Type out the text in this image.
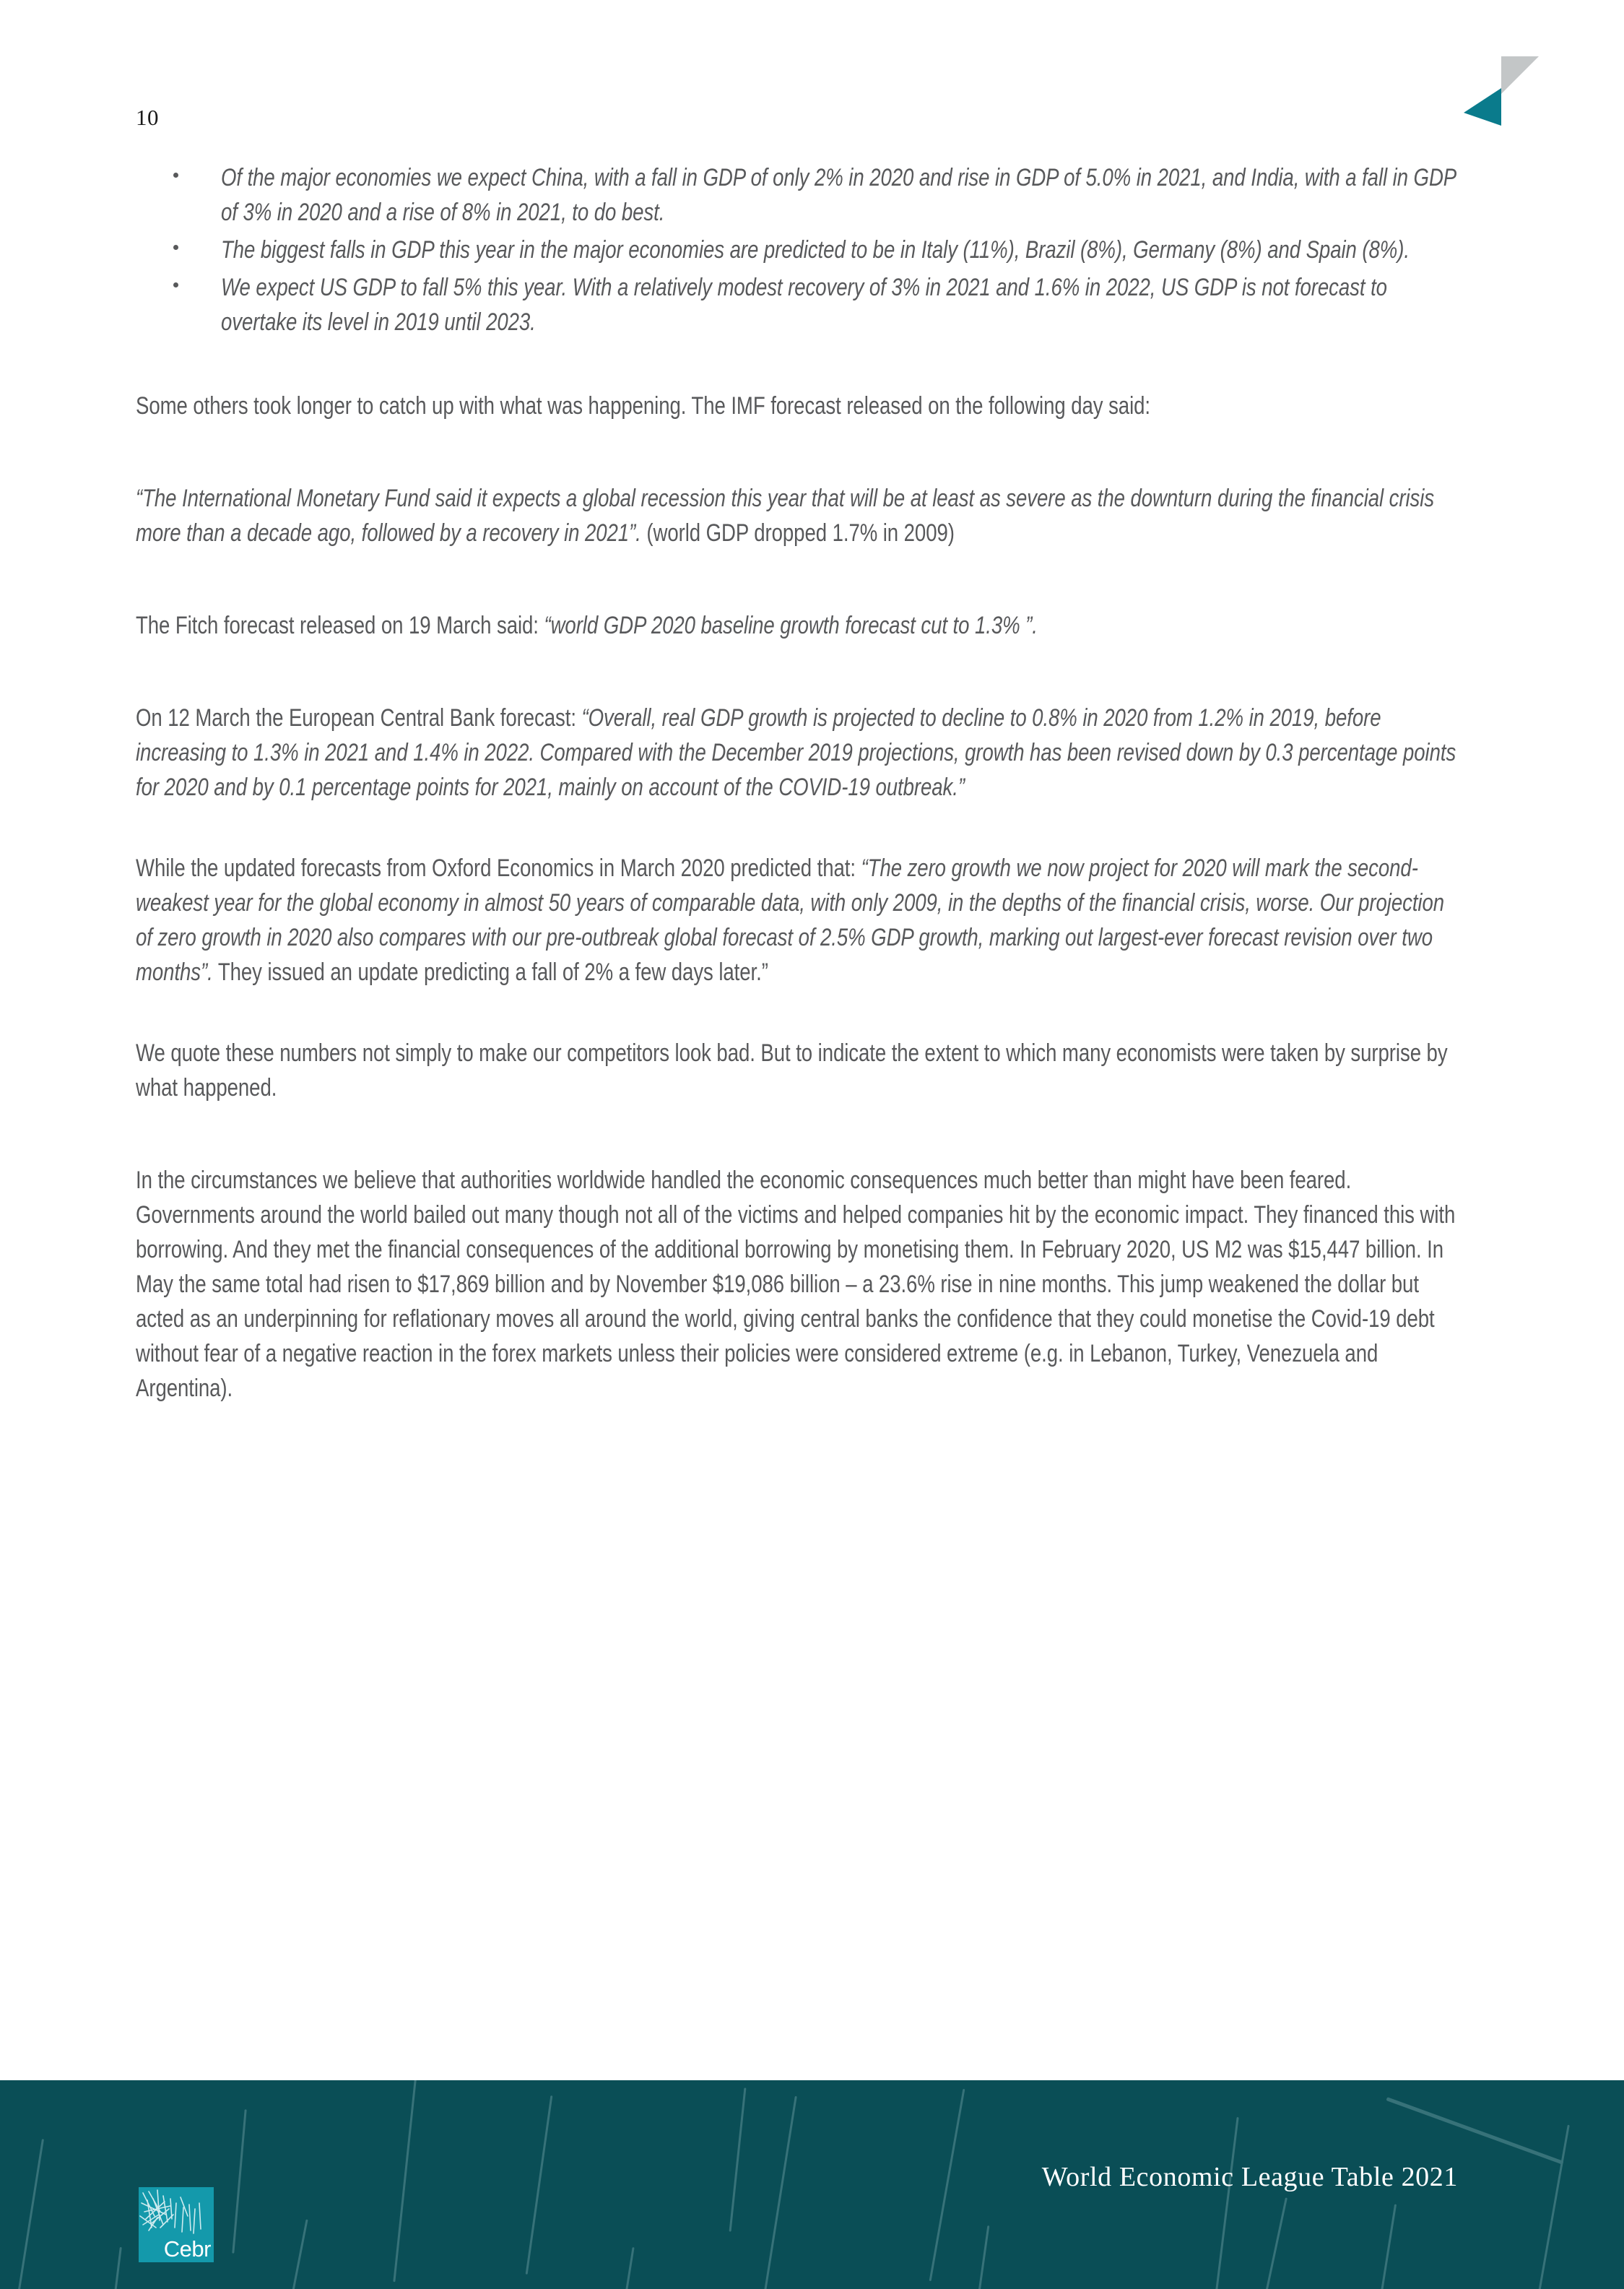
10
Of the major economies we expect China, with a fall in GDP of only 2% in 2020 and rise in GDP of 5.0% in 2021, and India, with a fall in GDP of 3% in 2020 and a rise of 8% in 2021, to do best.
The biggest falls in GDP this year in the major economies are predicted to be in Italy (11%), Brazil (8%), Germany (8%) and Spain (8%).
We expect US GDP to fall 5% this year. With a relatively modest recovery of 3% in 2021 and 1.6% in 2022, US GDP is not forecast to overtake its level in 2019 until 2023.

Some others took longer to catch up with what was happening. The IMF forecast released on the following day said:

“The International Monetary Fund said it expects a global recession this year that will be at least as severe as the downturn during the financial crisis more than a decade ago, followed by a recovery in 2021”. (world GDP dropped 1.7% in 2009)

The Fitch forecast released on 19 March said: “world GDP 2020 baseline growth forecast cut to 1.3% ”.

On 12 March the European Central Bank forecast: “Overall, real GDP growth is projected to decline to 0.8% in 2020 from 1.2% in 2019, before increasing to 1.3% in 2021 and 1.4% in 2022. Compared with the December 2019 projections, growth has been revised down by 0.3 percentage points for 2020 and by 0.1 percentage points for 2021, mainly on account of the COVID-19 outbreak.”

While the updated forecasts from Oxford Economics in March 2020 predicted that: “The zero growth we now project for 2020 will mark the second-weakest year for the global economy in almost 50 years of comparable data, with only 2009, in the depths of the financial crisis, worse. Our projection of zero growth in 2020 also compares with our pre-outbreak global forecast of 2.5% GDP growth, marking out largest-ever forecast revision over two months”. They issued an update predicting a fall of 2% a few days later.”

We quote these numbers not simply to make our competitors look bad. But to indicate the extent to which many economists were taken by surprise by what happened.

In the circumstances we believe that authorities worldwide handled the economic consequences much better than might have been feared. Governments around the world bailed out many though not all of the victims and helped companies hit by the economic impact. They financed this with borrowing. And they met the financial consequences of the additional borrowing by monetising them. In February 2020, US M2 was $15,447 billion. In May the same total had risen to $17,869 billion and by November $19,086 billion – a 23.6% rise in nine months. This jump weakened the dollar but acted as an underpinning for reflationary moves all around the world, giving central banks the confidence that they could monetise the Covid-19 debt without fear of a negative reaction in the forex markets unless their policies were considered extreme (e.g. in Lebanon, Turkey, Venezuela and Argentina).

Cebr
World Economic League Table 2021
